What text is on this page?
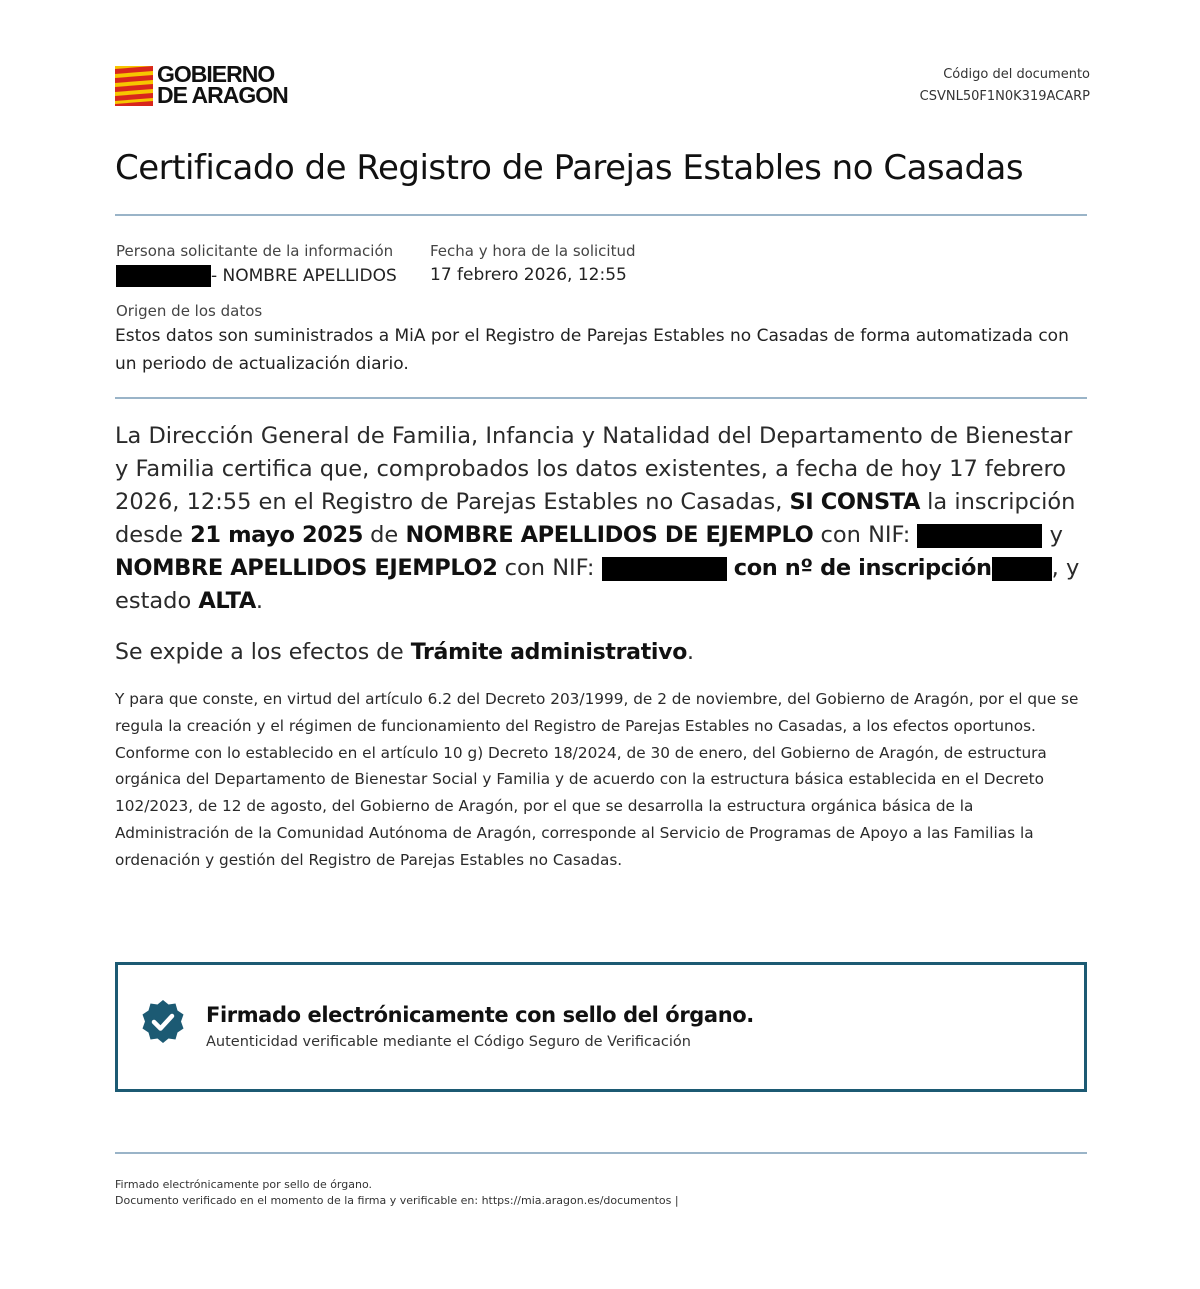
GOBIERNO
DE ARAGON
Código del documento
CSVNL50F1N0K319ACARP
Certificado de Registro de Parejas Estables no Casadas
Persona solicitante de la información
- NOMBRE APELLIDOS
Fecha y hora de la solicitud
17 febrero 2026, 12:55
Origen de los datos
Estos datos son suministrados a MiA por el Registro de Parejas Estables no Casadas de forma automatizada con un periodo de actualización diario.
La Dirección General de Familia, Infancia y Natalidad del Departamento de Bienestar y Familia certifica que, comprobados los datos existentes, a fecha de hoy 17 febrero 2026, 12:55 en el Registro de Parejas Estables no Casadas, SI CONSTA la inscripción desde 21 mayo 2025 de NOMBRE APELLIDOS DE EJEMPLO con NIF:	y NOMBRE APELLIDOS EJEMPLO2 con NIF:	con nº de inscripción	, y estado ALTA.
Se expide a los efectos de Trámite administrativo.
Y para que conste, en virtud del artículo 6.2 del Decreto 203/1999, de 2 de noviembre, del Gobierno de Aragón, por el que se regula la creación y el régimen de funcionamiento del Registro de Parejas Estables no Casadas, a los efectos oportunos.
Conforme con lo establecido en el artículo 10 g) Decreto 18/2024, de 30 de enero, del Gobierno de Aragón, de estructura orgánica del Departamento de Bienestar Social y Familia y de acuerdo con la estructura básica establecida en el Decreto 102/2023, de 12 de agosto, del Gobierno de Aragón, por el que se desarrolla la estructura orgánica básica de la Administración de la Comunidad Autónoma de Aragón, corresponde al Servicio de Programas de Apoyo a las Familias la ordenación y gestión del Registro de Parejas Estables no Casadas.
Firmado electrónicamente con sello del órgano.
Autenticidad verificable mediante el Código Seguro de Verificación
Firmado electrónicamente por sello de órgano.
Documento verificado en el momento de la firma y verificable en: https://mia.aragon.es/documentos |
